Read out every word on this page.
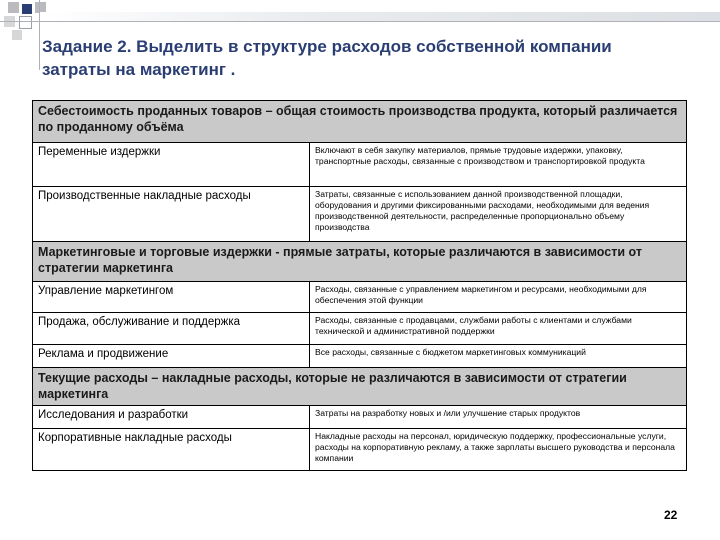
Задание 2. Выделить в структуре расходов собственной компании затраты на маркетинг .
Себестоимость проданных товаров – общая стоимость производства продукта, который различается по проданному объёма	
Переменные издержки	Включают в себя закупку материалов, прямые трудовые издержки, упаковку, транспортные расходы, связанные с производством и транспортировкой продукта
Производственные накладные расходы	Затраты, связанные с использованием данной производственной площадки, оборудования и другими фиксированными расходами, необходимыми для ведения производственной деятельности, распределенные пропорционально объему производства
Маркетинговые и торговые издержки - прямые затраты, которые различаются в зависимости от стратегии маркетинга	
Управление маркетингом	Расходы, связанные с управлением маркетингом и ресурсами, необходимыми для обеспечения этой функции
Продажа, обслуживание и поддержка	Расходы, связанные с продавцами, службами работы с клиентами и службами технической и административной поддержки
Реклама и продвижение	Все расходы, связанные с бюджетом маркетинговых коммуникаций
Текущие расходы – накладные расходы, которые не различаются в зависимости от стратегии маркетинга	
Исследования и разработки	Затраты на разработку новых и /или улучшение старых продуктов
Корпоративные накладные расходы	Накладные расходы на персонал, юридическую поддержку, профессиональные услуги, расходы на корпоративную рекламу, а также зарплаты высшего руководства и персонала компании
22
